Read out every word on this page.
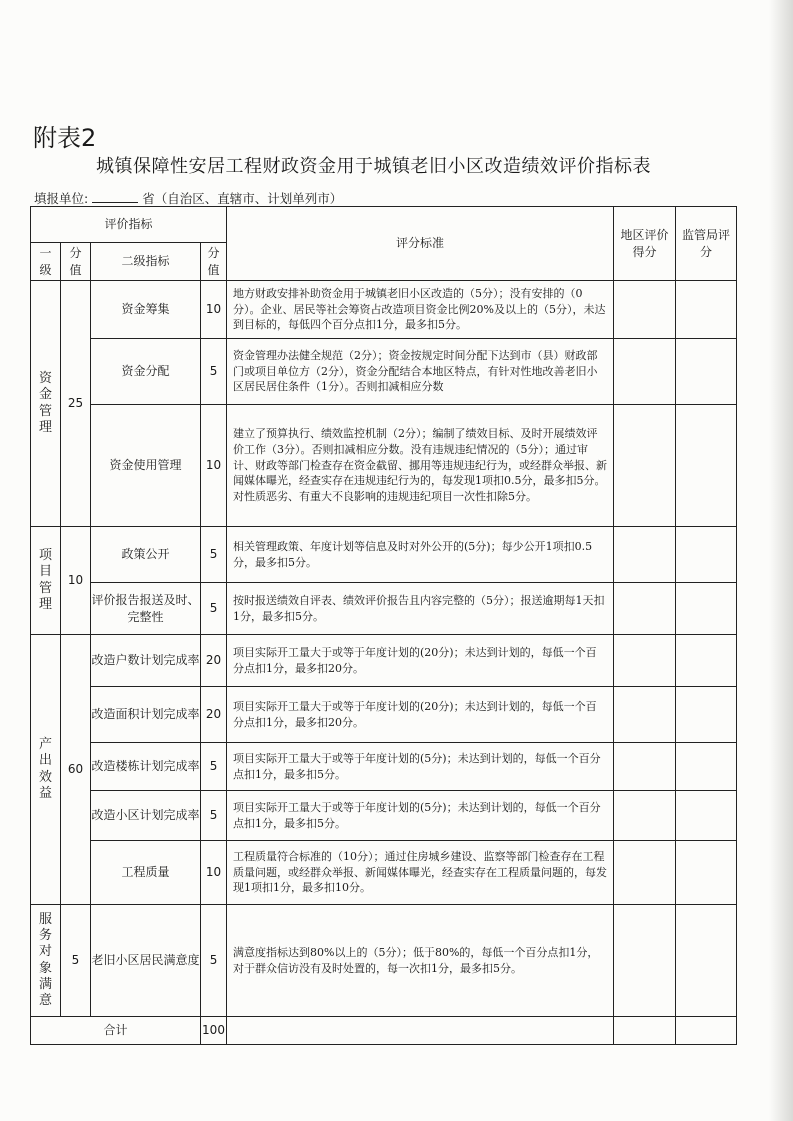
附表2
城镇保障性安居工程财政资金用于城镇老旧小区改造绩效评价指标表
填报单位:	省（自治区、直辖市、计划单列市）
评价指标				评分标准	地区评价得分	监管局评分
一级	分值	二级指标	分值			
资金管理	25	资金筹集	10	地方财政安排补助资金用于城镇老旧小区改造的（5分）；没有安排的（0分）。企业、居民等社会筹资占改造项目资金比例20%及以上的（5分），未达到目标的，每低四个百分点扣1分，最多扣5分。		
		资金分配	5	资金管理办法健全规范（2分）；资金按规定时间分配下达到市（县）财政部门或项目单位方（2分），资金分配结合本地区特点，有针对性地改善老旧小区居民居住条件（1分）。否则扣减相应分数		
		资金使用管理	10	建立了预算执行、绩效监控机制（2分）；编制了绩效目标、及时开展绩效评价工作（3分）。否则扣减相应分数。没有违规违纪情况的（5分）；通过审计、财政等部门检查存在资金截留、挪用等违规违纪行为，或经群众举报、新闻媒体曝光，经查实存在违规违纪行为的，每发现1项扣0.5分，最多扣5分。对性质恶劣、有重大不良影响的违规违纪项目一次性扣除5分。		
项目管理	10	政策公开	5	相关管理政策、年度计划等信息及时对外公开的(5分)；每少公开1项扣0.5分，最多扣5分。		
		评价报告报送及时、完整性	5	按时报送绩效自评表、绩效评价报告且内容完整的（5分）；报送逾期每1天扣1分，最多扣5分。		
产出效益	60	改造户数计划完成率	20	项目实际开工量大于或等于年度计划的(20分)；未达到计划的，每低一个百分点扣1分，最多扣20分。		
		改造面积计划完成率	20	项目实际开工量大于或等于年度计划的(20分)；未达到计划的，每低一个百分点扣1分，最多扣20分。		
		改造楼栋计划完成率	5	项目实际开工量大于或等于年度计划的(5分)；未达到计划的，每低一个百分点扣1分，最多扣5分。		
		改造小区计划完成率	5	项目实际开工量大于或等于年度计划的(5分)；未达到计划的，每低一个百分点扣1分，最多扣5分。		
		工程质量	10	工程质量符合标准的（10分）；通过住房城乡建设、监察等部门检查存在工程质量问题，或经群众举报、新闻媒体曝光，经查实存在工程质量问题的，每发现1项扣1分，最多扣10分。		
服务对象满意	5	老旧小区居民满意度	5	满意度指标达到80%以上的（5分）；低于80%的，每低一个百分点扣1分，对于群众信访没有及时处置的，每一次扣1分，最多扣5分。		
合计			100			
